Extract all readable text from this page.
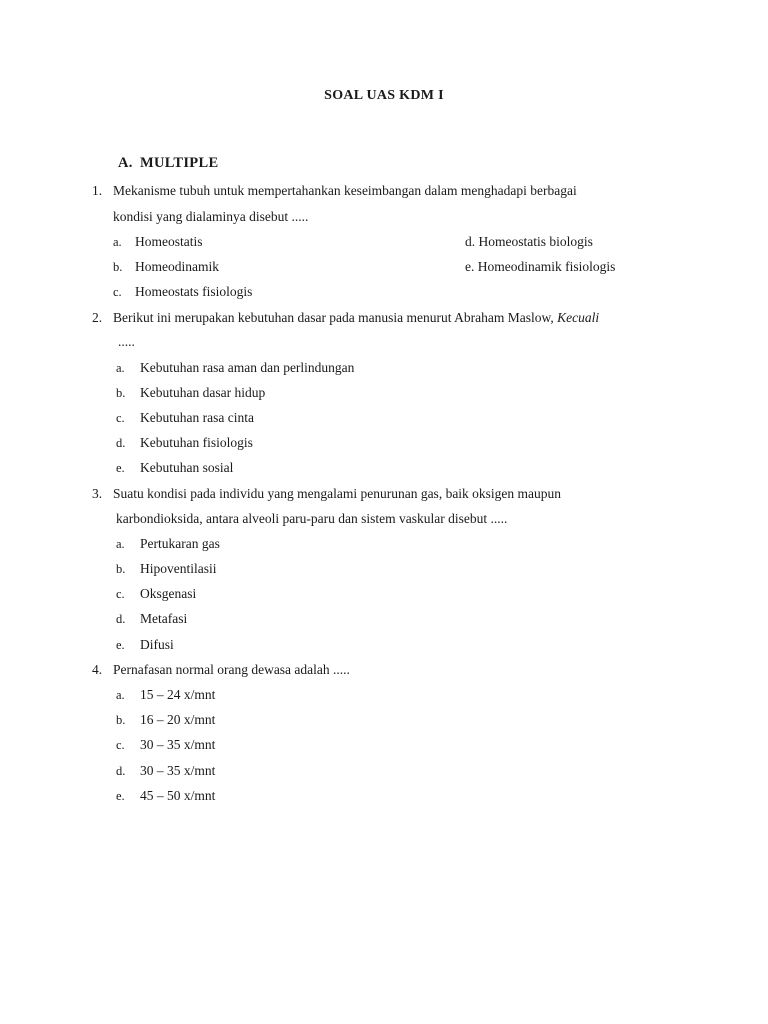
SOAL UAS KDM I
A. MULTIPLE
1. Mekanisme tubuh untuk mempertahankan keseimbangan dalam menghadapi berbagai
kondisi yang dialaminya disebut .....
a. Homeostatis	d. Homeostatis biologis
b. Homeodinamik	e. Homeodinamik fisiologis
c. Homeostats fisiologis
2. Berikut ini merupakan kebutuhan dasar pada manusia menurut Abraham Maslow, Kecuali
.....
a. Kebutuhan rasa aman dan perlindungan
b. Kebutuhan dasar hidup
c. Kebutuhan rasa cinta
d. Kebutuhan fisiologis
e. Kebutuhan sosial
3. Suatu kondisi pada individu yang mengalami penurunan gas, baik oksigen maupun
karbondioksida, antara alveoli paru-paru dan sistem vaskular disebut .....
a. Pertukaran gas
b. Hipoventilasii
c. Oksgenasi
d. Metafasi
e. Difusi
4. Pernafasan normal orang dewasa adalah .....
a. 15 – 24 x/mnt
b. 16 – 20 x/mnt
c. 30 – 35 x/mnt
d. 30 – 35 x/mnt
e. 45 – 50 x/mnt
